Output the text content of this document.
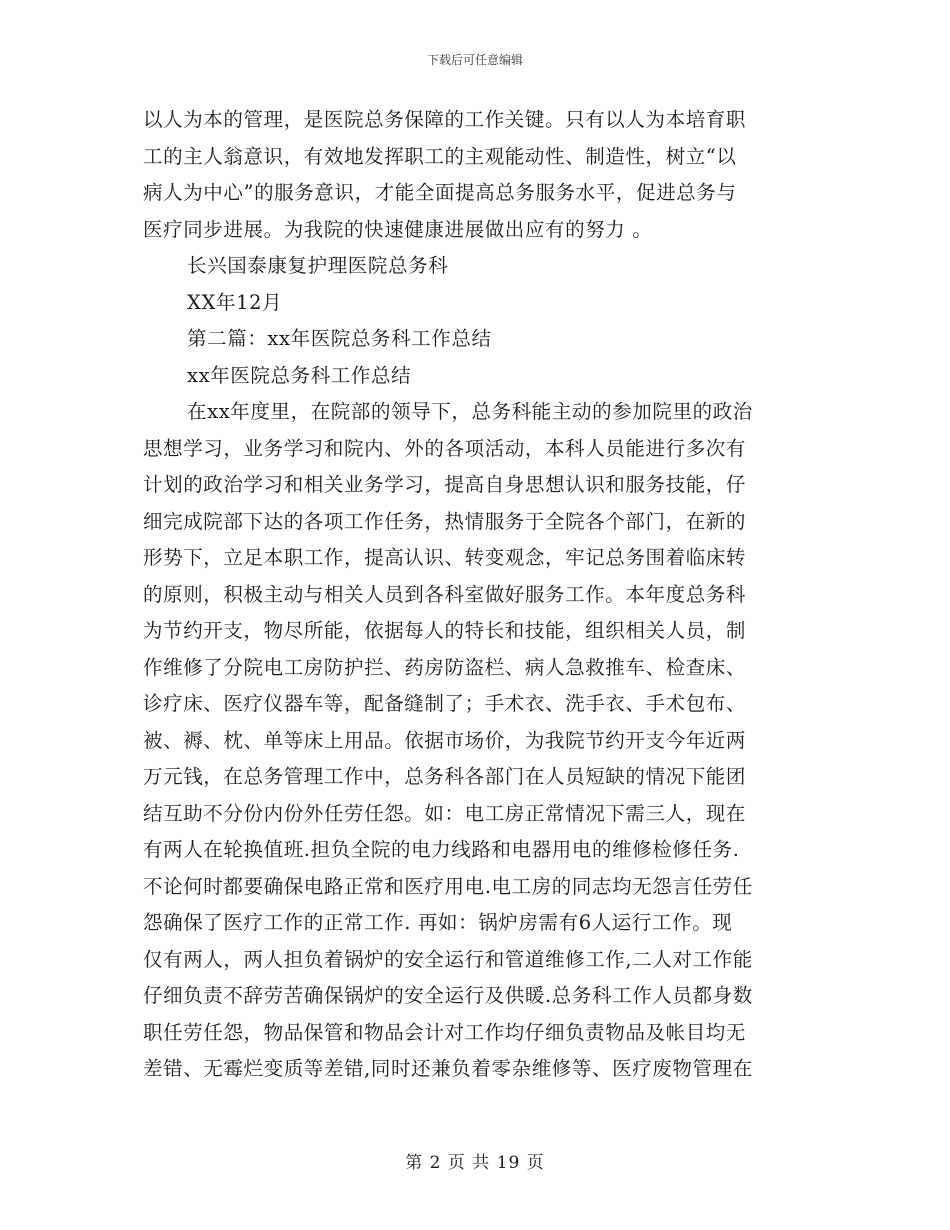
下载后可任意编辑
以人为本的管理，是医院总务保障的工作关键。只有以人为本培育职
工的主人翁意识，有效地发挥职工的主观能动性、制造性，树立“以
病人为中心”的服务意识，才能全面提高总务服务水平，促进总务与
医疗同步进展。为我院的快速健康进展做出应有的努力 。
长兴国泰康复护理医院总务科
XX年12月
第二篇：xx年医院总务科工作总结
xx年医院总务科工作总结
在xx年度里，在院部的领导下，总务科能主动的参加院里的政治
思想学习，业务学习和院内、外的各项活动，本科人员能进行多次有
计划的政治学习和相关业务学习，提高自身思想认识和服务技能，仔
细完成院部下达的各项工作任务，热情服务于全院各个部门，在新的
形势下，立足本职工作，提高认识、转变观念，牢记总务围着临床转
的原则，积极主动与相关人员到各科室做好服务工作。本年度总务科
为节约开支，物尽所能，依据每人的特长和技能，组织相关人员，制
作维修了分院电工房防护拦、药房防盗栏、病人急救推车、检查床、
诊疗床、医疗仪器车等，配备缝制了；手术衣、洗手衣、手术包布、
被、褥、枕、单等床上用品。依据市场价，为我院节约开支今年近两
万元钱，在总务管理工作中，总务科各部门在人员短缺的情况下能团
结互助不分份内份外任劳任怨。如：电工房正常情况下需三人，现在
有两人在轮换值班.担负全院的电力线路和电器用电的维修检修任务.
不论何时都要确保电路正常和医疗用电.电工房的同志均无怨言任劳任
怨确保了医疗工作的正常工作. 再如：锅炉房需有6人运行工作。现
仅有两人，两人担负着锅炉的安全运行和管道维修工作,二人对工作能
仔细负责不辞劳苦确保锅炉的安全运行及供暖.总务科工作人员都身数
职任劳任怨，物品保管和物品会计对工作均仔细负责物品及帐目均无
差错、无霉烂变质等差错,同时还兼负着零杂维修等、医疗废物管理在
第 2 页 共 19 页
